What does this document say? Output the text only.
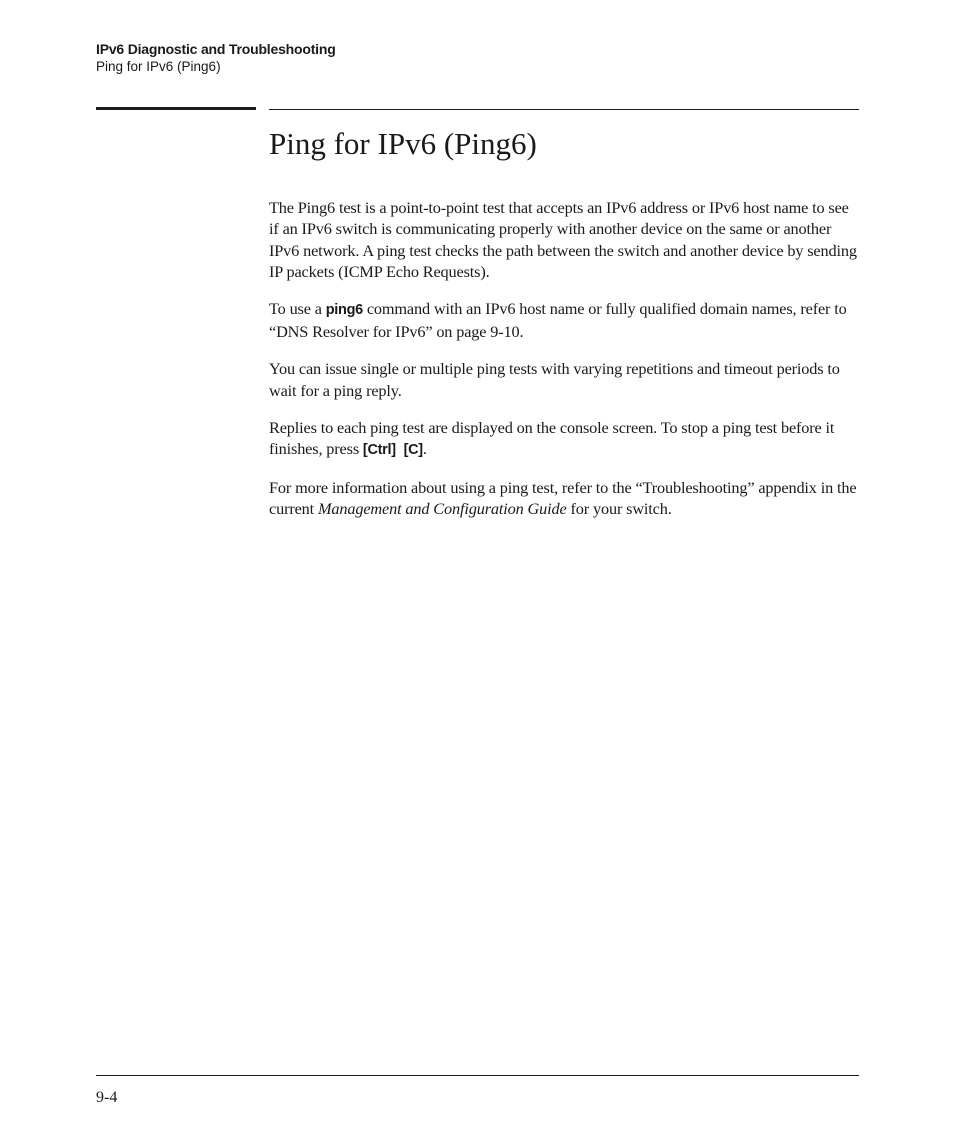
IPv6 Diagnostic and Troubleshooting
Ping for IPv6 (Ping6)
Ping for IPv6 (Ping6)

The Ping6 test is a point-to-point test that accepts an IPv6 address or IPv6 host name to see if an IPv6 switch is communicating properly with another device on the same or another IPv6 network. A ping test checks the path between the switch and another device by sending IP packets (ICMP Echo Requests).

To use a ping6 command with an IPv6 host name or fully qualified domain names, refer to “DNS Resolver for IPv6” on page 9-10.

You can issue single or multiple ping tests with varying repetitions and timeout periods to wait for a ping reply.

Replies to each ping test are displayed on the console screen. To stop a ping test before it finishes, press [Ctrl] [C].

For more information about using a ping test, refer to the “Troubleshooting” appendix in the current Management and Configuration Guide for your switch.

9-4
